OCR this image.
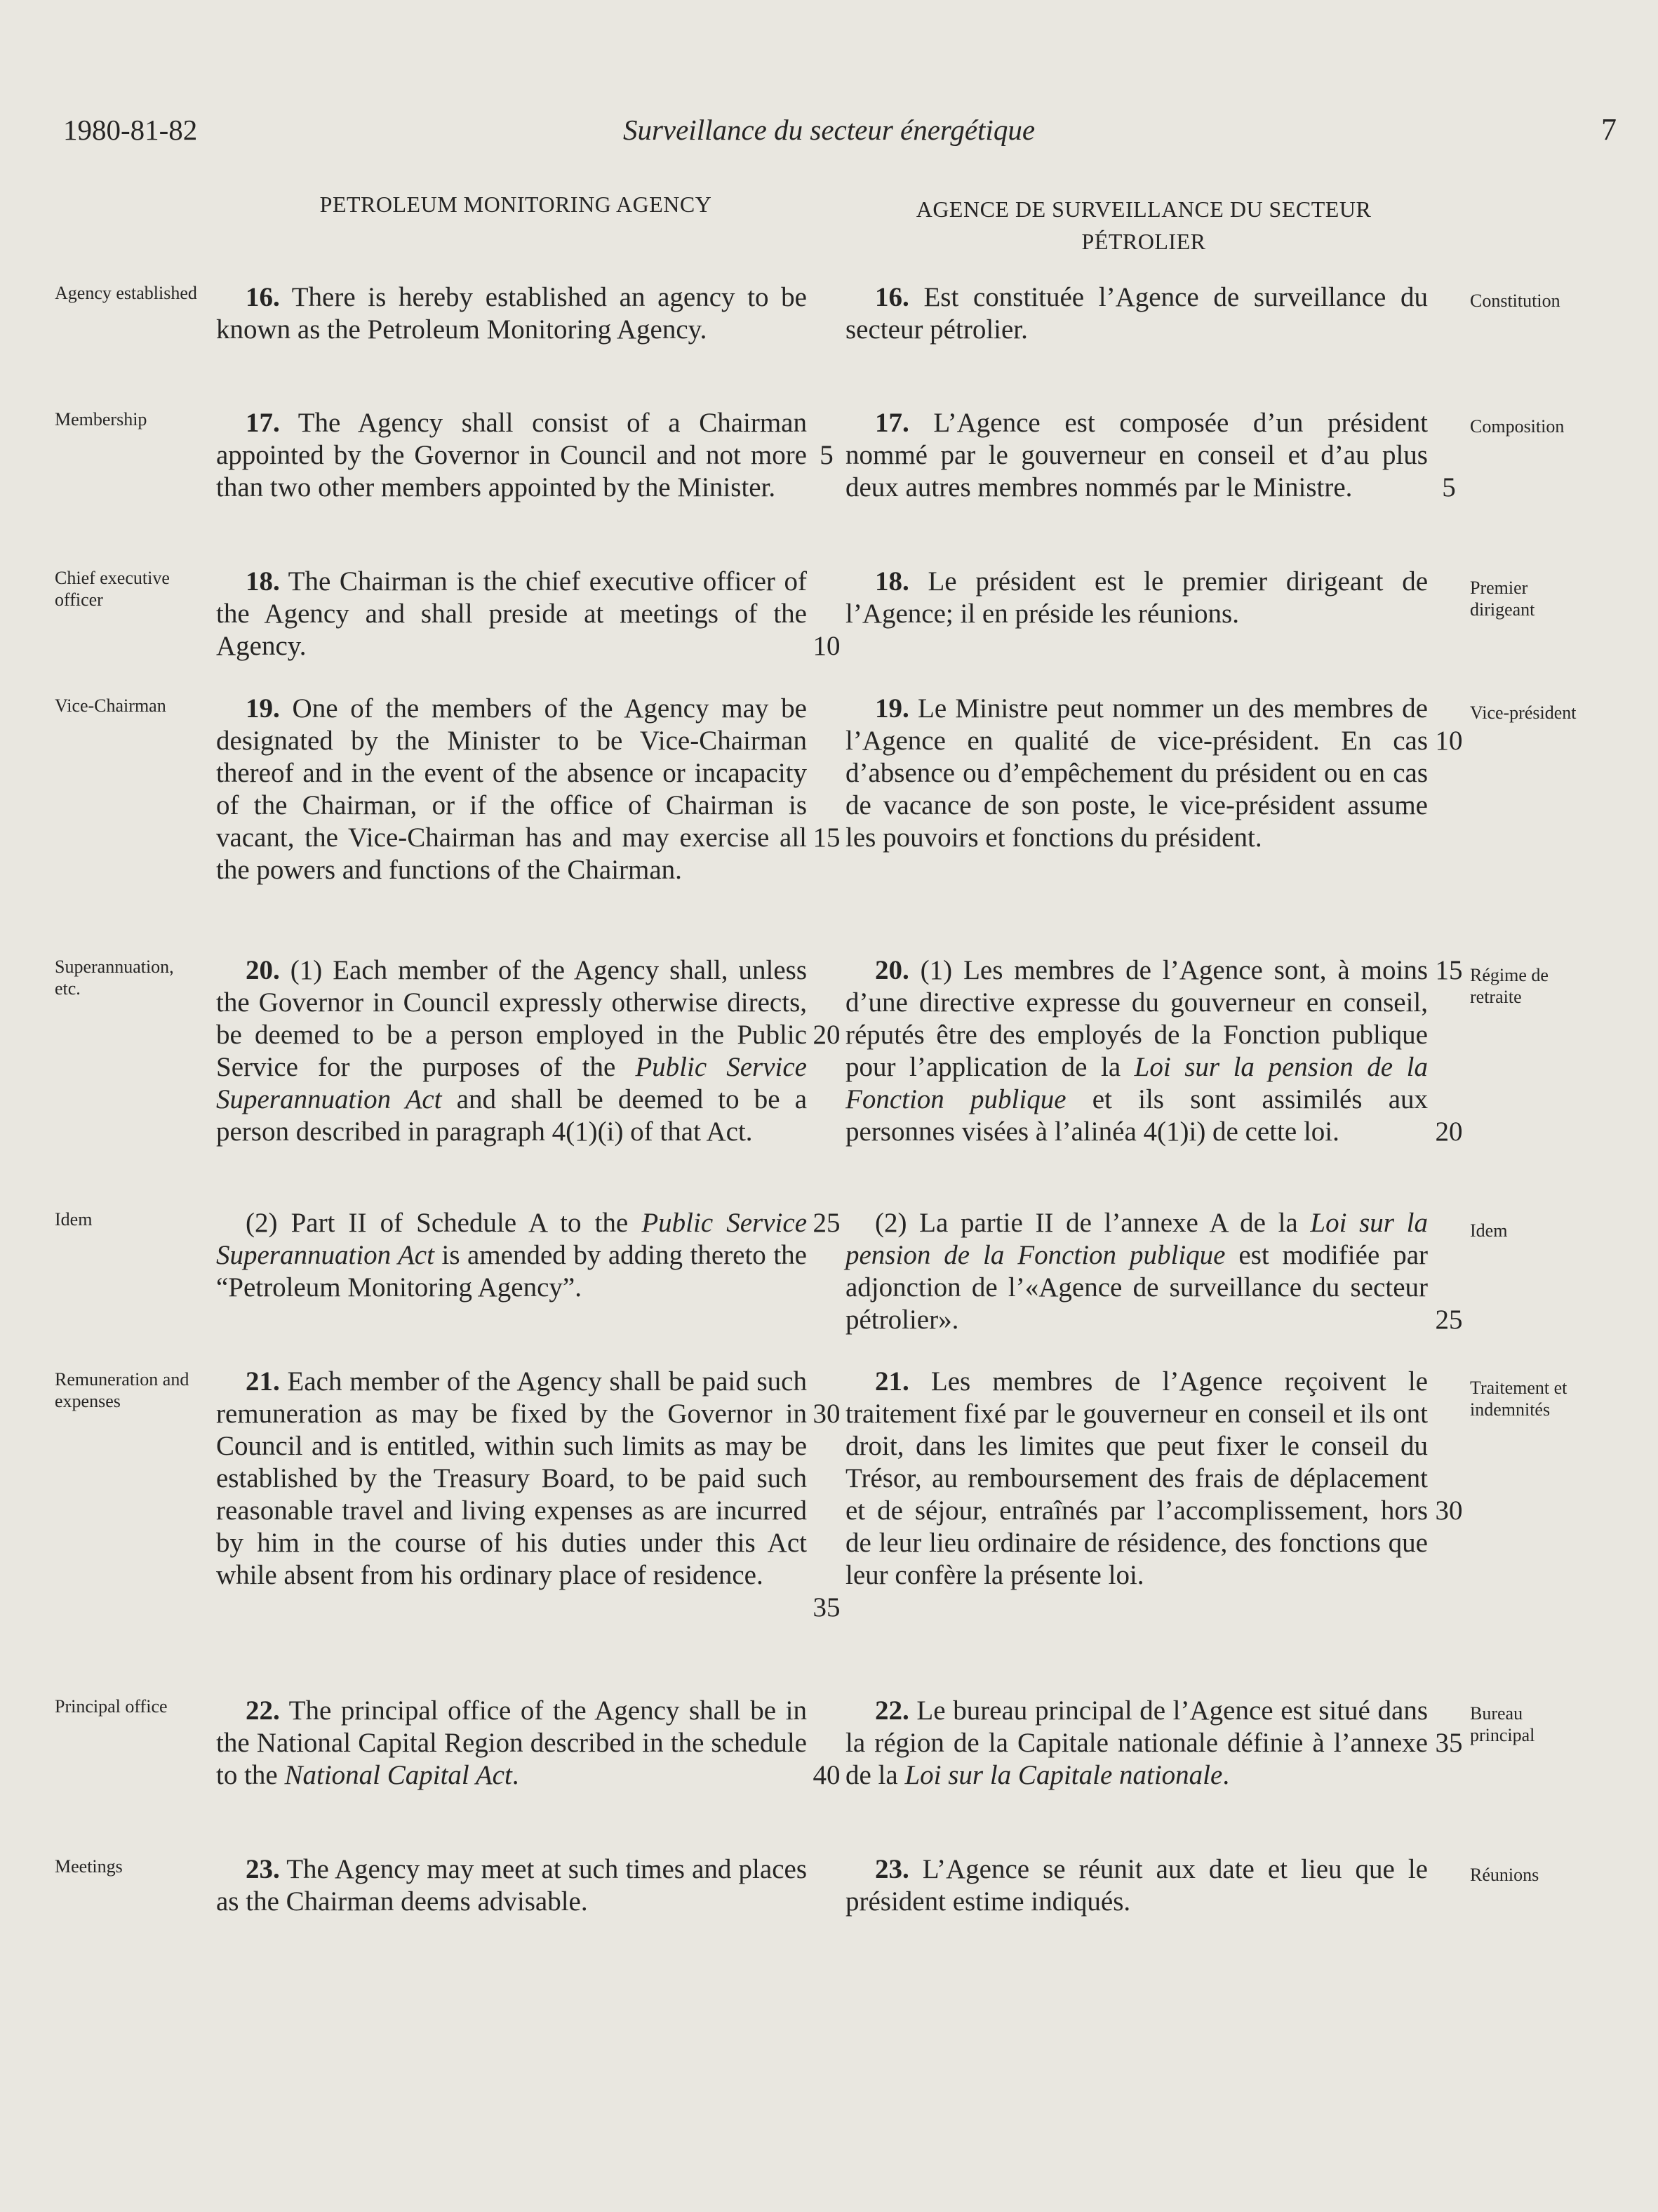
1980-81-82	Surveillance du secteur énergétique	7
PETROLEUM MONITORING AGENCY	AGENCE DE SURVEILLANCE DU SECTEUR
PÉTROLIER
Agency established	Constitution
16. There is hereby established an agency to be known as the Petroleum Monitoring Agency.
16. Est constituée l’Agence de surveillance du secteur pétrolier.
Membership	Composition
17. The Agency shall consist of a Chairman appointed by the Governor in Council and not more than two other members appointed by the Minister.
17. L’Agence est composée d’un président nommé par le gouverneur en conseil et d’au plus deux autres membres nommés par le Ministre.
Chief executive officer
Premier dirigeant
18. The Chairman is the chief executive officer of the Agency and shall preside at meetings of the Agency.
18. Le président est le premier dirigeant de l’Agence; il en préside les réunions.
Vice-Chairman	Vice-président
19. One of the members of the Agency may be designated by the Minister to be Vice-Chairman thereof and in the event of the absence or incapacity of the Chairman, or if the office of Chairman is vacant, the Vice-Chairman has and may exercise all the powers and functions of the Chairman.
19. Le Ministre peut nommer un des membres de l’Agence en qualité de vice-président. En cas d’absence ou d’empêchement du président ou en cas de vacance de son poste, le vice-président assume les pouvoirs et fonctions du président.
Superannuation, etc.
Régime de retraite
20. (1) Each member of the Agency shall, unless the Governor in Council expressly otherwise directs, be deemed to be a person employed in the Public Service for the purposes of the Public Service Superannuation Act and shall be deemed to be a person described in paragraph 4(1)(i) of that Act.
20. (1) Les membres de l’Agence sont, à moins d’une directive expresse du gouverneur en conseil, réputés être des employés de la Fonction publique pour l’application de la Loi sur la pension de la Fonction publique et ils sont assimilés aux personnes visées à l’alinéa 4(1)i) de cette loi.
Idem
Idem
(2) Part II of Schedule A to the Public Service Superannuation Act is amended by adding thereto the “Petroleum Monitoring Agency”.
(2) La partie II de l’annexe A de la Loi sur la pension de la Fonction publique est modifiée par adjonction de l’«Agence de surveillance du secteur pétrolier».
Remuneration and expenses
Traitement et indemnités
21. Each member of the Agency shall be paid such remuneration as may be fixed by the Governor in Council and is entitled, within such limits as may be established by the Treasury Board, to be paid such reasonable travel and living expenses as are incurred by him in the course of his duties under this Act while absent from his ordinary place of residence.
21. Les membres de l’Agence reçoivent le traitement fixé par le gouverneur en conseil et ils ont droit, dans les limites que peut fixer le conseil du Trésor, au remboursement des frais de déplacement et de séjour, entraînés par l’accomplissement, hors de leur lieu ordinaire de résidence, des fonctions que leur confère la présente loi.
Principal office	Bureau principal
22. The principal office of the Agency shall be in the National Capital Region described in the schedule to the National Capital Act.
22. Le bureau principal de l’Agence est situé dans la région de la Capitale nationale définie à l’annexe de la Loi sur la Capitale nationale.
Meetings	Réunions
23. The Agency may meet at such times and places as the Chairman deems advisable.
23. L’Agence se réunit aux date et lieu que le président estime indiqués.
5
10
15
20
25
30
35
40
5
10
15
20
25
30
35
